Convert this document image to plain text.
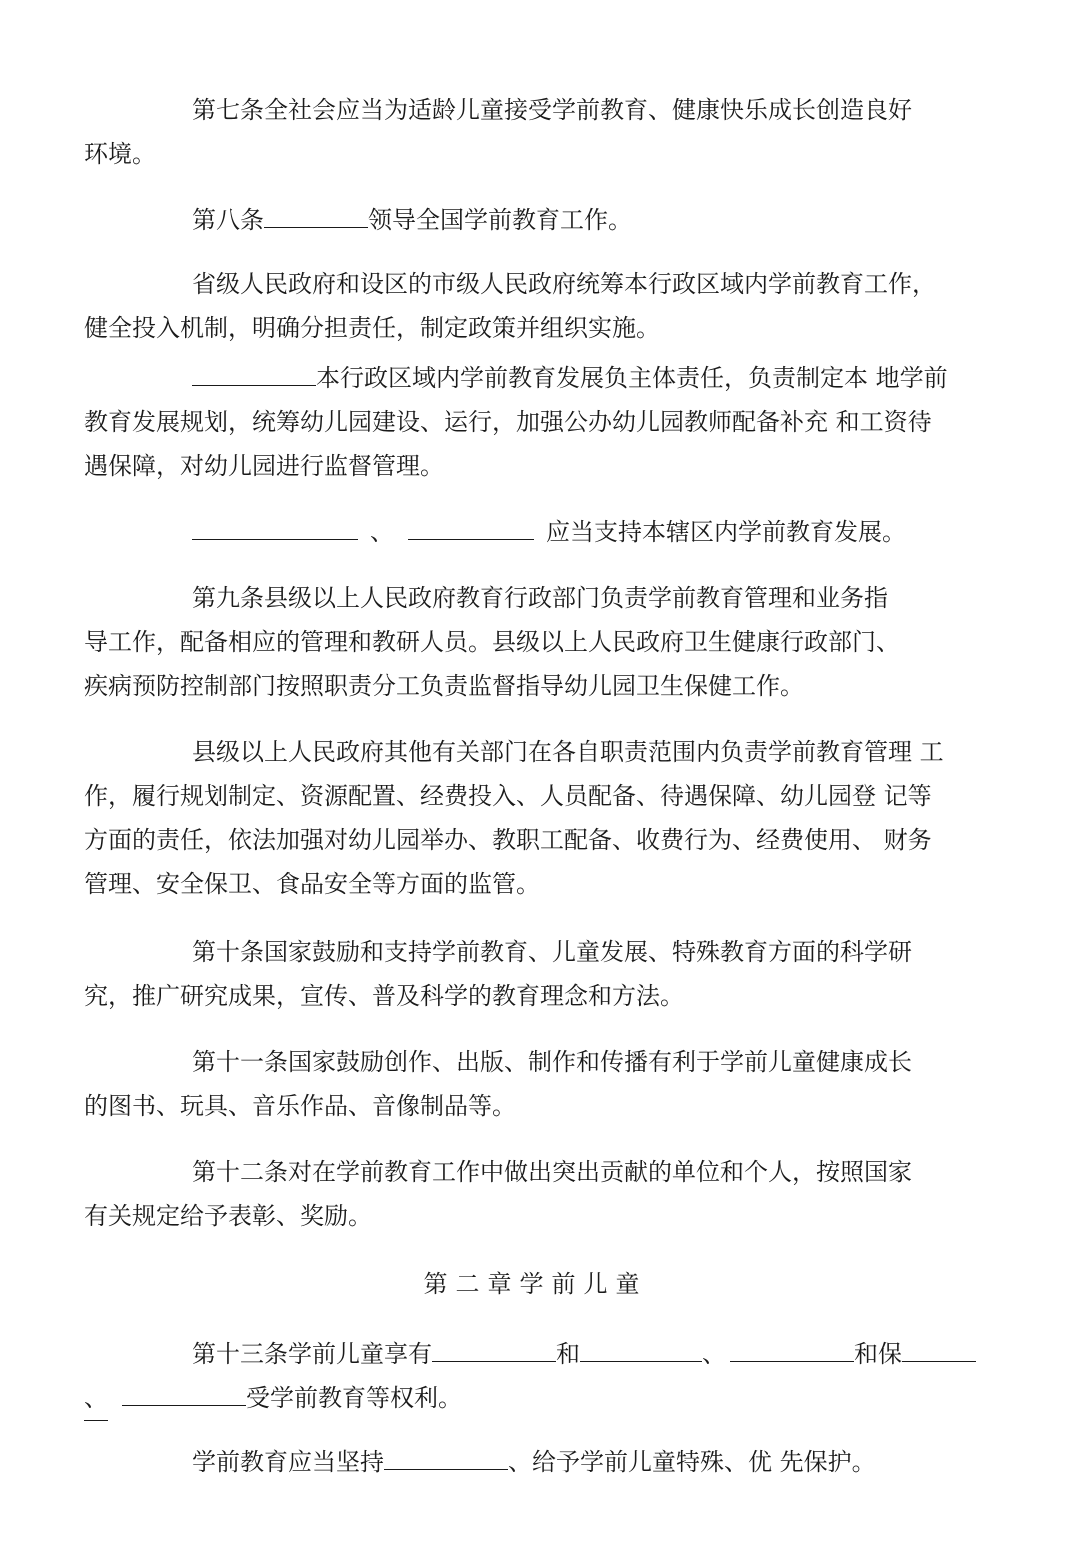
第七条全社会应当为适龄儿童接受学前教育、健康快乐成长创造良好
环境。

第八条	领导全国学前教育工作。

省级人民政府和设区的市级人民政府统筹本行政区域内学前教育工作，
健全投入机制，明确分担责任，制定政策并组织实施。

本行政区域内学前教育发展负主体责任，负责制定本 地学前
教育发展规划，统筹幼儿园建设、运行，加强公办幼儿园教师配备补充 和工资待
遇保障，对幼儿园进行监督管理。

、	应当支持本辖区内学前教育发展。

第九条县级以上人民政府教育行政部门负责学前教育管理和业务指
导工作，配备相应的管理和教研人员。县级以上人民政府卫生健康行政部门、
疾病预防控制部门按照职责分工负责监督指导幼儿园卫生保健工作。

县级以上人民政府其他有关部门在各自职责范围内负责学前教育管理 工
作，履行规划制定、资源配置、经费投入、人员配备、待遇保障、幼儿园登 记等
方面的责任，依法加强对幼儿园举办、教职工配备、收费行为、经费使用、 财务
管理、安全保卫、食品安全等方面的监管。

第十条国家鼓励和支持学前教育、儿童发展、特殊教育方面的科学研
究，推广研究成果，宣传、普及科学的教育理念和方法。

第十一条国家鼓励创作、出版、制作和传播有利于学前儿童健康成长
的图书、玩具、音乐作品、音像制品等。

第十二条对在学前教育工作中做出突出贡献的单位和个人，按照国家
有关规定给予表彰、奖励。

第二章学前儿童

第十三条学前儿童享有	和	、	和保
、	受学前教育等权利。

学前教育应当坚持	、给予学前儿童特殊、优 先保护。
